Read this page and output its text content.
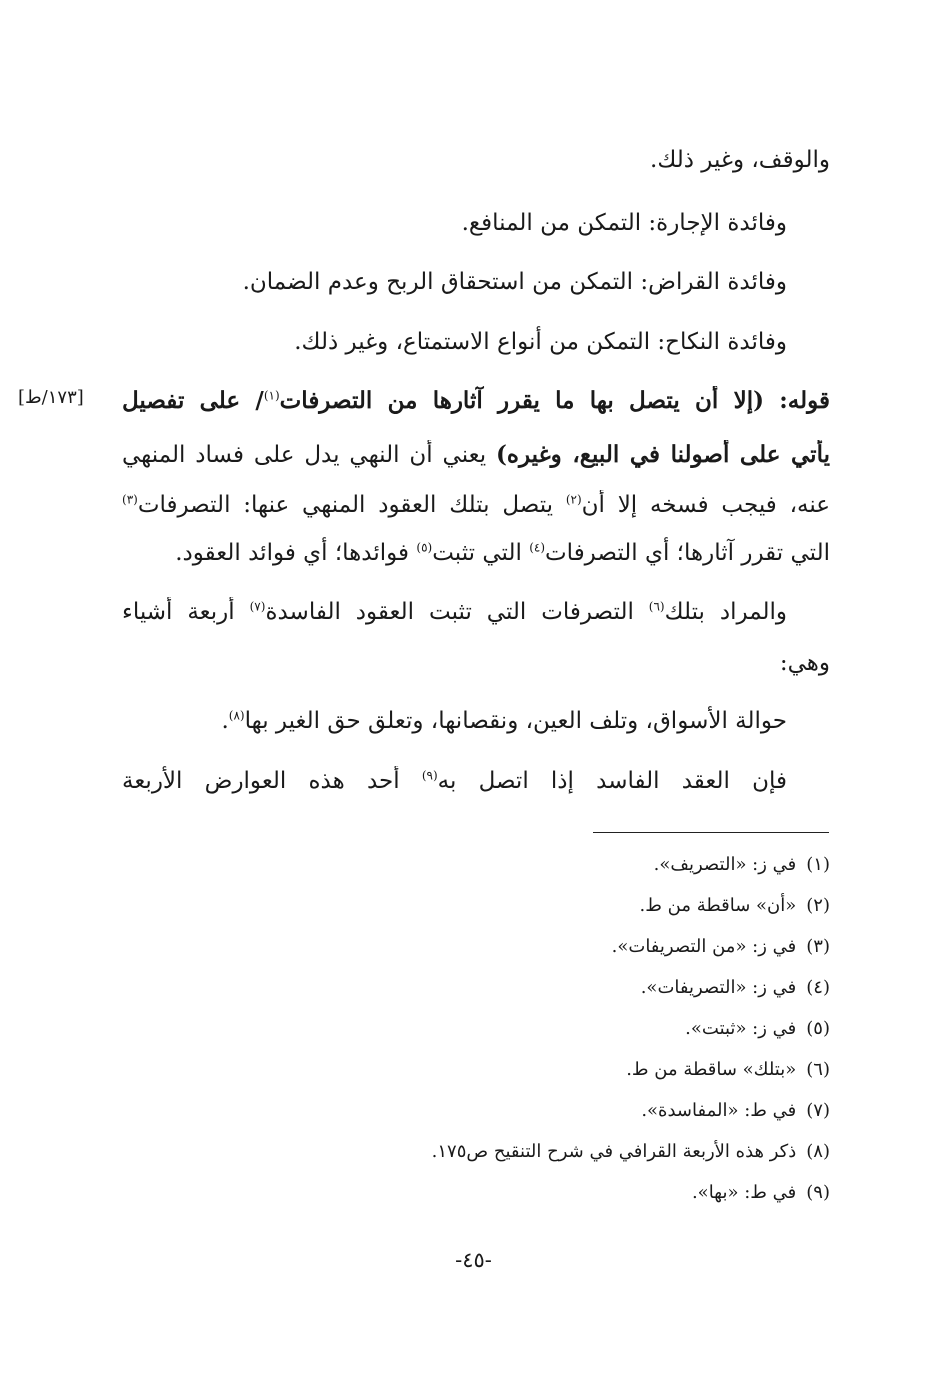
والوقف، وغير ذلك.
وفائدة الإجارة: التمكن من المنافع.
وفائدة القراض: التمكن من استحقاق الربح وعدم الضمان.
وفائدة النكاح: التمكن من أنواع الاستمتاع، وغير ذلك.
قوله: (إلا أن يتصل بها ما يقرر آثارها من التصرفات$^{(١)}$/ على تفصيل
يأتي على أصولنا في البيع، وغيره) يعني أن النهي يدل على فساد المنهي
عنه، فيجب فسخه إلا أن$^{(٢)}$ يتصل بتلك العقود المنهي عنها: التصرفات$^{(٣)}$
التي تقرر آثارها؛ أي التصرفات$^{(٤)}$ التي تثبت$^{(٥)}$ فوائدها؛ أي فوائد العقود.
والمراد بتلك$^{(٦)}$ التصرفات التي تثبت العقود الفاسدة$^{(٧)}$ أربعة أشياء
وهي:
حوالة الأسواق، وتلف العين، ونقصانها، وتعلق حق الغير بها$^{(٨)}$.
فإن العقد الفاسد إذا اتصل به$^{(٩)}$ أحد هذه العوارض الأربعة
[١٧٣/ط]
(١)في ز: «التصريف».
(٢)«أن» ساقطة من ط.
(٣)في ز: «من التصريفات».
(٤)في ز: «التصريفات».
(٥)في ز: «ثبتت».
(٦)«بتلك» ساقطة من ط.
(٧)في ط: «المفاسدة».
(٨)ذكر هذه الأربعة القرافي في شرح التنقيح ص١٧٥.
(٩)في ط: «بها».
-٤٥-
